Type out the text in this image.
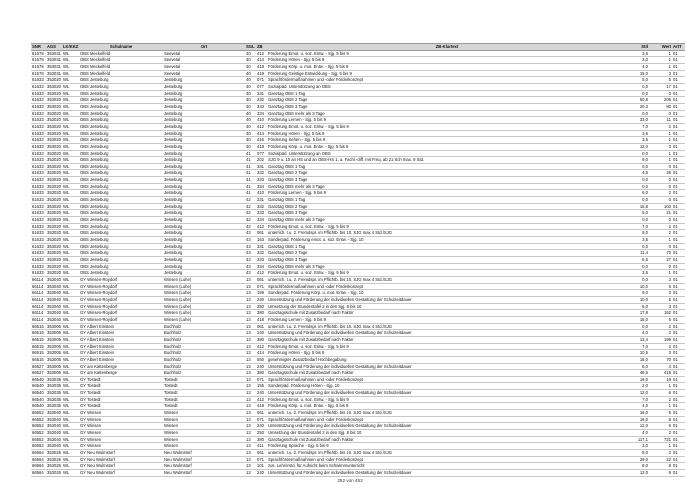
SNR	AGS	LK/KKZ	Schulname	Ort	SGL	ZB	ZB-Klartext	Std	Wert	ArtT
61578	353031	WL	OBS Meckelfeld	Seevetal	40	412	Förderung Emot. u. soz. Entw. - Sjg. 5 bis 9	3,5	1	01
61578	353031	WL	OBS Meckelfeld	Seevetal	40	414	Förderung Hören - Sjg. 5 bis 9	3,0	1	01
61578	353031	WL	OBS Meckelfeld	Seevetal	40	418	Förderung Körp. u. mot. Entw. - Sjg. 5 bis 9	4,0	1	01
61578	353031	WL	OBS Meckelfeld	Seevetal	40	419	Förderung Geistige Entwicklung - Sjg. 5 bis 9	15,0	3	01
61633	353020	WL	OBS Jesteburg	Jesteburg	40	071	Sprachfördermaßnahmen und -oder Förderkonzept	5,0	5	01
61633	353020	WL	OBS Jesteburg	Jesteburg	40	077	Sozialpäd. Unterstützung an OBS	0,0	17	01
61633	353020	WL	OBS Jesteburg	Jesteburg	40	331	Ganztag OBS 1 Tag	0,0	0	01
61633	353020	WL	OBS Jesteburg	Jesteburg	40	332	Ganztag OBS 2 Tage	50,8	205	01
61633	353020	WL	OBS Jesteburg	Jesteburg	40	333	Ganztag OBS 3 Tage	20,3	80	01
61633	353020	WL	OBS Jesteburg	Jesteburg	40	334	Ganztag OBS mehr als 3 Tage	0,0	0	01
61633	353020	WL	OBS Jesteburg	Jesteburg	40	410	Förderung Lernen - Sjg. 5 bis 9	33,0	11	01
61633	353020	WL	OBS Jesteburg	Jesteburg	40	412	Förderung Emot. u. soz. Entw. - Sjg. 5 bis 9	7,0	2	01
61633	353020	WL	OBS Jesteburg	Jesteburg	40	414	Förderung Hören - Sjg. 5 bis 9	3,5	1	01
61633	353020	WL	OBS Jesteburg	Jesteburg	40	416	Förderung Sehen - Sjg. 5 bis 9	3,5	1	01
61633	353020	WL	OBS Jesteburg	Jesteburg	40	418	Förderung Körp. u. mot. Entw. - Sjg. 5 bis 9	12,0	3	01
61633	353020	WL	OBS Jesteburg	Jesteburg	41	077	Sozialpäd. Unterstützung an OBS	0,0	1	01
61633	353020	WL	OBS Jesteburg	Jesteburg	41	202	SJG 9 u. 10 an HS und an OBS-HS 1. a. Fachl.-diff. mit Freq. ab 21 Sch max. 9 Std.	9,0	1	01
61633	353020	WL	OBS Jesteburg	Jesteburg	41	331	Ganztag OBS 1 Tag	0,0	0	01
61633	353020	WL	OBS Jesteburg	Jesteburg	41	332	Ganztag OBS 2 Tage	4,5	26	01
61633	353020	WL	OBS Jesteburg	Jesteburg	41	333	Ganztag OBS 3 Tage	0,0	0	01
61633	353020	WL	OBS Jesteburg	Jesteburg	41	334	Ganztag OBS mehr als 3 Tage	0,0	0	01
61633	353020	WL	OBS Jesteburg	Jesteburg	41	410	Förderung Lernen - Sjg. 5 bis 9	6,0	2	01
61633	353020	WL	OBS Jesteburg	Jesteburg	42	331	Ganztag OBS 1 Tag	0,0	0	01
61633	353020	WL	OBS Jesteburg	Jesteburg	42	332	Ganztag OBS 2 Tage	15,8	103	01
61633	353020	WL	OBS Jesteburg	Jesteburg	42	333	Ganztag OBS 3 Tage	5,0	21	01
61633	353020	WL	OBS Jesteburg	Jesteburg	42	334	Ganztag OBS mehr als 3 Tage	0,0	0	01
61633	353020	WL	OBS Jesteburg	Jesteburg	42	412	Förderung Emot. u. soz. Entw. - Sjg. 5 bis 9	7,0	2	01
61633	353020	WL	OBS Jesteburg	Jesteburg	43	061	unterrich. t.u. 2. Fremdspr. im Pflichtb. bis 10. SJG max 4 Std./SJG	8,0	2	01
61633	353020	WL	OBS Jesteburg	Jesteburg	43	153	Sonderpäd. Förderung emot. u. soz. Entw. - Sjg. 10	3,5	1	01
61633	353020	WL	OBS Jesteburg	Jesteburg	43	331	Ganztag OBS 1 Tag	0,0	0	01
61633	353020	WL	OBS Jesteburg	Jesteburg	43	332	Ganztag OBS 2 Tage	11,4	70	01
61633	353020	WL	OBS Jesteburg	Jesteburg	43	333	Ganztag OBS 3 Tage	6,5	27	01
61633	353020	WL	OBS Jesteburg	Jesteburg	43	334	Ganztag OBS mehr als 3 Tage	0,0	0	01
61633	353020	WL	OBS Jesteburg	Jesteburg	43	412	Förderung Emot. u. soz. Entw. - Sjg. 5 bis 9	3,5	1	01
66114	353040	WL	GY Winsen-Roydorf	Winsen (Luhe)	13	061	unterrich. t.u. 2. Fremdspr. im Pflichtb. bis 10. SJG max 4 Std./SJG	0,0	3	01
66114	353040	WL	GY Winsen-Roydorf	Winsen (Luhe)	13	071	Sprachfördermaßnahmen und -oder Förderkonzept	10,0	5	01
66114	353040	WL	GY Winsen-Roydorf	Winsen (Luhe)	13	159	Sonderpäd. Förderung Körp. u. mot. Entw. - Sjg. 10	9,0	3	01
66114	353040	WL	GY Winsen-Roydorf	Winsen (Luhe)	13	240	Unterstützung und Förderung der individuellen Gestaltung der Schulzeitdauer	10,0	5	01
66114	353040	WL	GY Winsen-Roydorf	Winsen (Luhe)	13	250	Umsetzung der Stundentafel 2 in den Sjg. 8 bis 10	6,0	3	01
66114	353040	WL	GY Winsen-Roydorf	Winsen (Luhe)	13	380	Ganztagsschule mit Zusatzbedarf nach Faktor	17,8	162	01
66114	353040	WL	GY Winsen-Roydorf	Winsen (Luhe)	13	418	Förderung Lernen - Sjg. 5 bis 9	15,0	5	01
66515	353005	WL	GY Albert Einstein	Buchholz	13	061	unterrich. t.u. 2. Fremdspr. im Pflichtb. bis 10. SJG max 4 Std./SJG	0,0	2	01
66515	353005	WL	GY Albert Einstein	Buchholz	13	240	Unterstützung und Förderung der individuellen Gestaltung der Schulzeitdauer	4,0	2	01
66515	353005	WL	GY Albert Einstein	Buchholz	13	380	Ganztagsschule mit Zusatzbedarf nach Faktor	13,4	199	01
66515	353005	WL	GY Albert Einstein	Buchholz	13	412	Förderung Emot. u. soz. Entw. - Sjg. 5 bis 9	7,0	2	01
66515	353005	WL	GY Albert Einstein	Buchholz	13	414	Förderung Hören - Sjg. 5 bis 9	10,5	3	01
66515	353005	WL	GY Albert Einstein	Buchholz	13	550	genehmigter Zusatzbedarf Hochbegabung	18,0	70	01
66527	353005	WL	GY am Kattenberge	Buchholz	13	240	Unterstützung und Förderung der individuellen Gestaltung der Schulzeitdauer	8,0	4	01
66527	353005	WL	GY am Kattenberge	Buchholz	13	380	Ganztagsschule mit Zusatzbedarf nach Faktor	46,5	415	01
66540	353035	WL	GY Tostedt	Tostedt	13	071	Sprachfördermaßnahmen und -oder Förderkonzept	19,0	19	01
66540	353035	WL	GY Tostedt	Tostedt	13	155	Sonderpäd. Förderung Hören - Sjg. 10	2,0	1	01
66540	353035	WL	GY Tostedt	Tostedt	13	240	Unterstützung und Förderung der individuellen Gestaltung der Schulzeitdauer	12,0	6	01
66540	353035	WL	GY Tostedt	Tostedt	13	412	Förderung Emot. u. soz. Entw. - Sjg. 5 bis 9	7,0	2	01
66540	353035	WL	GY Tostedt	Tostedt	13	418	Förderung Körp. u. mot. Entw. - Sjg. 5 bis 9	4,0	1	01
66552	353040	WL	GY Winsen	Winsen	13	061	unterrich. t.u. 2. Fremdspr. im Pflichtb. bis 10. SJG max 4 Std./SJG	16,0	5	01
66552	353040	WL	GY Winsen	Winsen	13	071	Sprachfördermaßnahmen und -oder Förderkonzept	16,0	8	01
66552	353040	WL	GY Winsen	Winsen	13	240	Unterstützung und Förderung der individuellen Gestaltung der Schulzeitdauer	12,0	6	01
66552	353040	WL	GY Winsen	Winsen	13	250	Umsetzung der Stundentafel 2 in den Sjg. 8 bis 10	4,0	2	01
66552	353040	WL	GY Winsen	Winsen	13	380	Ganztagsschule mit Zusatzbedarf nach Faktor	117,1	721	01
66552	353040	WL	GY Winsen	Winsen	13	411	Förderung Sprache - Sjg. 5 bis 9	3,0	1	01
66564	353026	WL	GY Neu Wulmstorf	Neu Wulmstorf	13	061	unterrich. t.u. 2. Fremdspr. im Pflichtb. bis 10. SJG max 4 Std./SJG	8,0	2	01
66564	353026	WL	GY Neu Wulmstorf	Neu Wulmstorf	13	071	Sprachfördermaßnahmen und -oder Förderkonzept	29,0	22	01
66564	353026	WL	GY Neu Wulmstorf	Neu Wulmstorf	13	101	zus. Lehrerstd. für Aufsicht beim Schwimmunterricht	8,0	8	01
66564	353026	WL	GY Neu Wulmstorf	Neu Wulmstorf	13	240	Unterstützung und Förderung der individuellen Gestaltung der Schulzeitdauer	12,0	6	01
252 von 453
